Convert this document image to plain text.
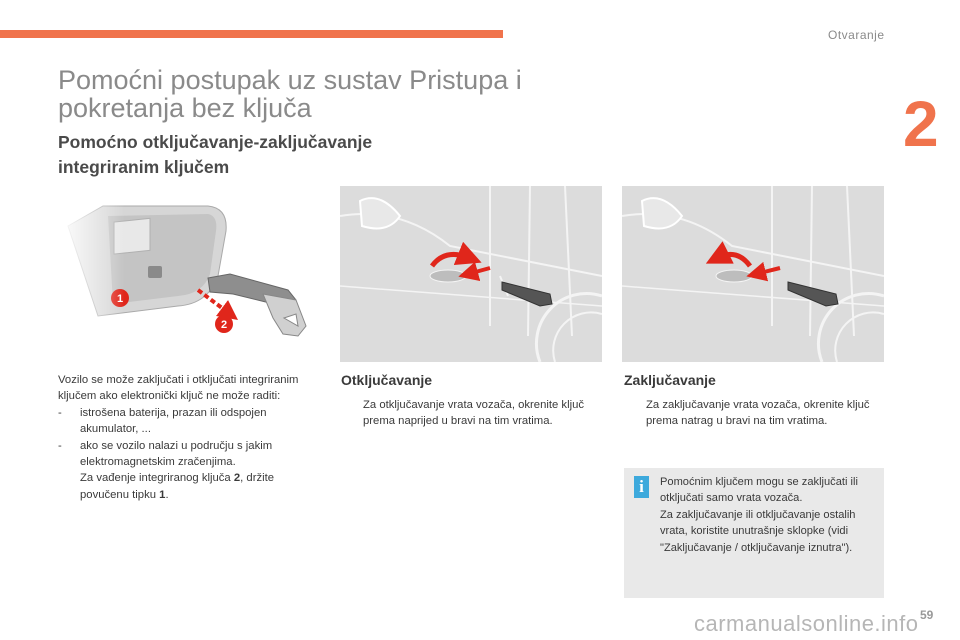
Otvaranje
2
Pomoćni postupak uz sustav Pristupa i pokretanja bez ključa
Pomoćno otključavanje-zaključavanje integriranim ključem

Vozilo se može zaključati i otključati integriranim ključem ako elektronički ključ ne može raditi:

-	istrošena baterija, prazan ili odspojen akumulator, ...
-	ako se vozilo nalazi u području s jakim elektromagnetskim zračenjima.
Za vađenje integriranog ključa 2, držite povučenu tipku 1.
Otključavanje
Za otključavanje vrata vozača, okrenite ključ prema naprijed u bravi na tim vratima.
Zaključavanje
Za zaključavanje vrata vozača, okrenite ključ prema natrag u bravi na tim vratima.
i	Pomoćnim ključem mogu se zaključati ili otključati samo vrata vozača.

Za zaključavanje ili otključavanje ostalih vrata, koristite unutrašnje sklopke (vidi "Zaključavanje / otključavanje iznutra").

carmanualsonline.info 59
